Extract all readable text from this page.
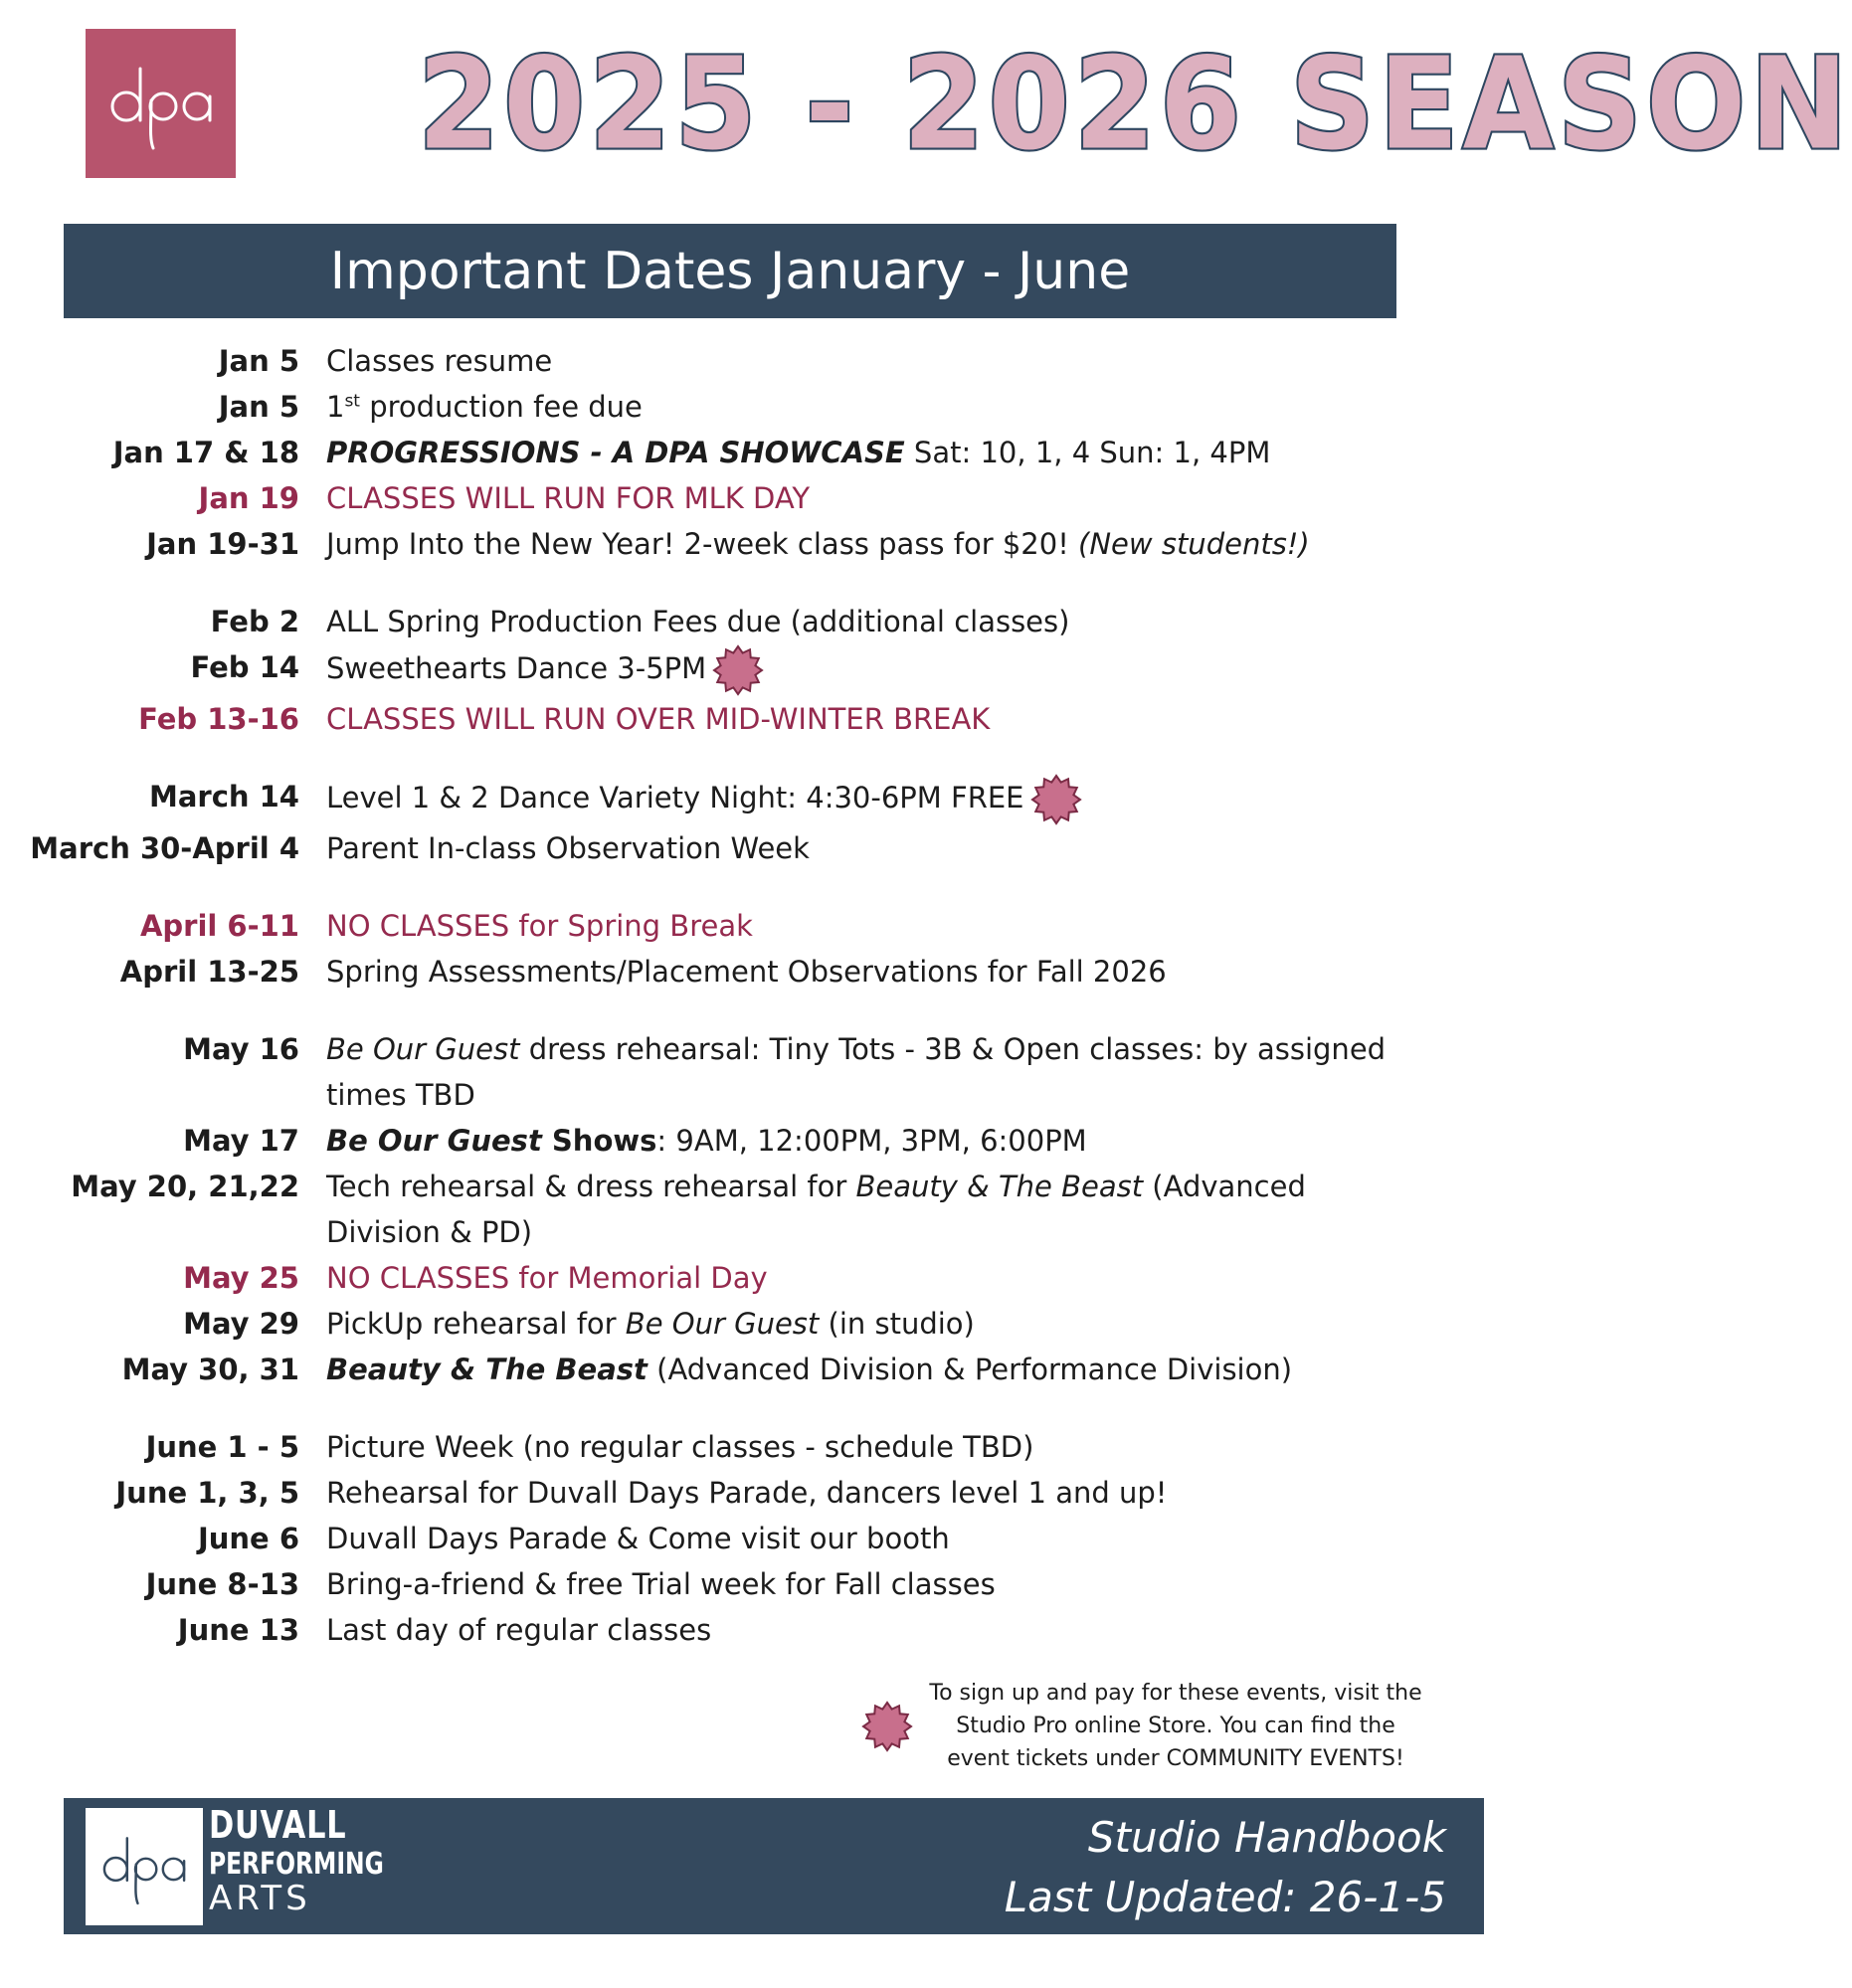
2025 - 2026 SEASON
Important Dates January - June
Jan 5 Classes resume
Jan 5 1st production fee due
Jan 17 & 18 PROGRESSIONS - A DPA SHOWCASE Sat: 10, 1, 4 Sun: 1, 4PM
Jan 19 CLASSES WILL RUN FOR MLK DAY
Jan 19-31 Jump Into the New Year! 2-week class pass for $20! (New students!)
Feb 2 ALL Spring Production Fees due (additional classes)
Feb 14 Sweethearts Dance 3-5PM
Feb 13-16 CLASSES WILL RUN OVER MID-WINTER BREAK
March 14 Level 1 & 2 Dance Variety Night: 4:30-6PM FREE
March 30-April 4 Parent In-class Observation Week
April 6-11 NO CLASSES for Spring Break
April 13-25 Spring Assessments/Placement Observations for Fall 2026
May 16 Be Our Guest dress rehearsal: Tiny Tots - 3B & Open classes: by assigned times TBD
May 17 Be Our Guest Shows: 9AM, 12:00PM, 3PM, 6:00PM
May 20, 21,22 Tech rehearsal & dress rehearsal for Beauty & The Beast (Advanced Division & PD)
May 25 NO CLASSES for Memorial Day
May 29 PickUp rehearsal for Be Our Guest (in studio)
May 30, 31 Beauty & The Beast (Advanced Division & Performance Division)
June 1 - 5 Picture Week (no regular classes - schedule TBD)
June 1, 3, 5 Rehearsal for Duvall Days Parade, dancers level 1 and up!
June 6 Duvall Days Parade & Come visit our booth
June 8-13 Bring-a-friend & free Trial week for Fall classes
June 13 Last day of regular classes
To sign up and pay for these events, visit the Studio Pro online Store. You can find the event tickets under COMMUNITY EVENTS!
DUVALL
PERFORMING
ARTS
Studio Handbook
Last Updated: 26-1-5
